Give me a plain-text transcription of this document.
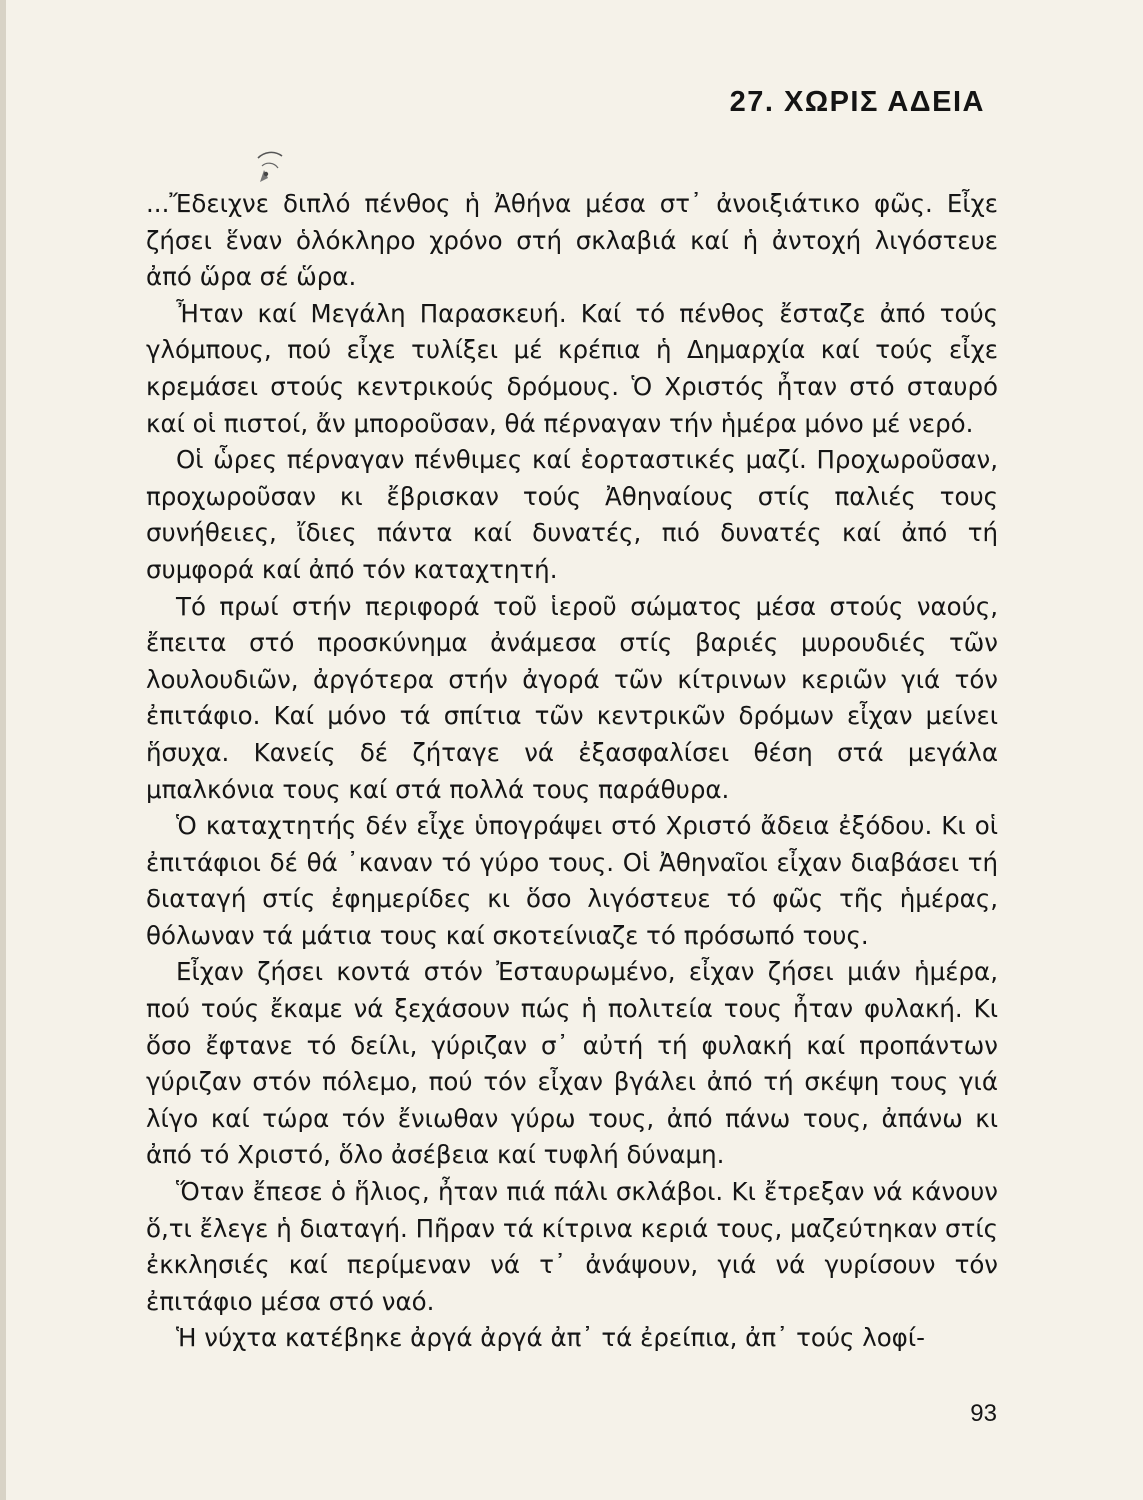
27. ΧΩΡΙΣ ΑΔΕΙΑ

...Ἔδειχνε διπλό πένθος ἡ Ἀθήνα μέσα στ᾽ ἀνοιξιάτικο φῶς. Εἶχε ζήσει ἕναν ὁλόκληρο χρόνο στή σκλαβιά καί ἡ ἀντοχή λιγόστευε ἀπό ὥρα σέ ὥρα.

Ἦταν καί Μεγάλη Παρασκευή. Καί τό πένθος ἔσταζε ἀπό τούς γλόμπους, πού εἶχε τυλίξει μέ κρέπια ἡ Δημαρχία καί τούς εἶχε κρεμάσει στούς κεντρικούς δρόμους. Ὁ Χριστός ἦταν στό σταυρό καί οἱ πιστοί, ἄν μποροῦσαν, θά πέρναγαν τήν ἡμέρα μόνο μέ νερό.

Οἱ ὧρες πέρναγαν πένθιμες καί ἑορταστικές μαζί. Προχωροῦσαν, προχωροῦσαν κι ἔβρισκαν τούς Ἀθηναίους στίς παλιές τους συνήθειες, ἴδιες πάντα καί δυνατές, πιό δυνατές καί ἀπό τή συμφορά καί ἀπό τόν καταχτητή.

Τό πρωί στήν περιφορά τοῦ ἱεροῦ σώματος μέσα στούς ναούς, ἔπειτα στό προσκύνημα ἀνάμεσα στίς βαριές μυρουδιές τῶν λουλουδιῶν, ἀργότερα στήν ἀγορά τῶν κίτρινων κεριῶν γιά τόν ἐπιτάφιο. Καί μόνο τά σπίτια τῶν κεντρικῶν δρόμων εἶχαν μείνει ἥσυχα. Κανείς δέ ζήταγε νά ἐξασφαλίσει θέση στά μεγάλα μπαλκόνια τους καί στά πολλά τους παράθυρα.

Ὁ καταχτητής δέν εἶχε ὑπογράψει στό Χριστό ἄδεια ἐξόδου. Κι οἱ ἐπιτάφιοι δέ θά ᾽καναν τό γύρο τους. Οἱ Ἀθηναῖοι εἶχαν διαβάσει τή διαταγή στίς ἐφημερίδες κι ὅσο λιγόστευε τό φῶς τῆς ἡμέρας, θόλωναν τά μάτια τους καί σκοτείνιαζε τό πρόσωπό τους.

Εἶχαν ζήσει κοντά στόν Ἐσταυρωμένο, εἶχαν ζήσει μιάν ἡμέρα, πού τούς ἔκαμε νά ξεχάσουν πώς ἡ πολιτεία τους ἦταν φυλακή. Κι ὅσο ἔφτανε τό δείλι, γύριζαν σ᾽ αὐτή τή φυλακή καί προπάντων γύριζαν στόν πόλεμο, πού τόν εἶχαν βγάλει ἀπό τή σκέψη τους γιά λίγο καί τώρα τόν ἔνιωθαν γύρω τους, ἀπό πάνω τους, ἀπάνω κι ἀπό τό Χριστό, ὅλο ἀσέβεια καί τυφλή δύναμη.

Ὅταν ἔπεσε ὁ ἥλιος, ἦταν πιά πάλι σκλάβοι. Κι ἔτρεξαν νά κάνουν ὅ,τι ἔλεγε ἡ διαταγή. Πῆραν τά κίτρινα κεριά τους, μαζεύτηκαν στίς ἐκκλησιές καί περίμεναν νά τ᾽ ἀνάψουν, γιά νά γυρίσουν τόν ἐπιτάφιο μέσα στό ναό.

Ἡ νύχτα κατέβηκε ἀργά ἀργά ἀπ᾽ τά ἐρείπια, ἀπ᾽ τούς λοφί-

93
